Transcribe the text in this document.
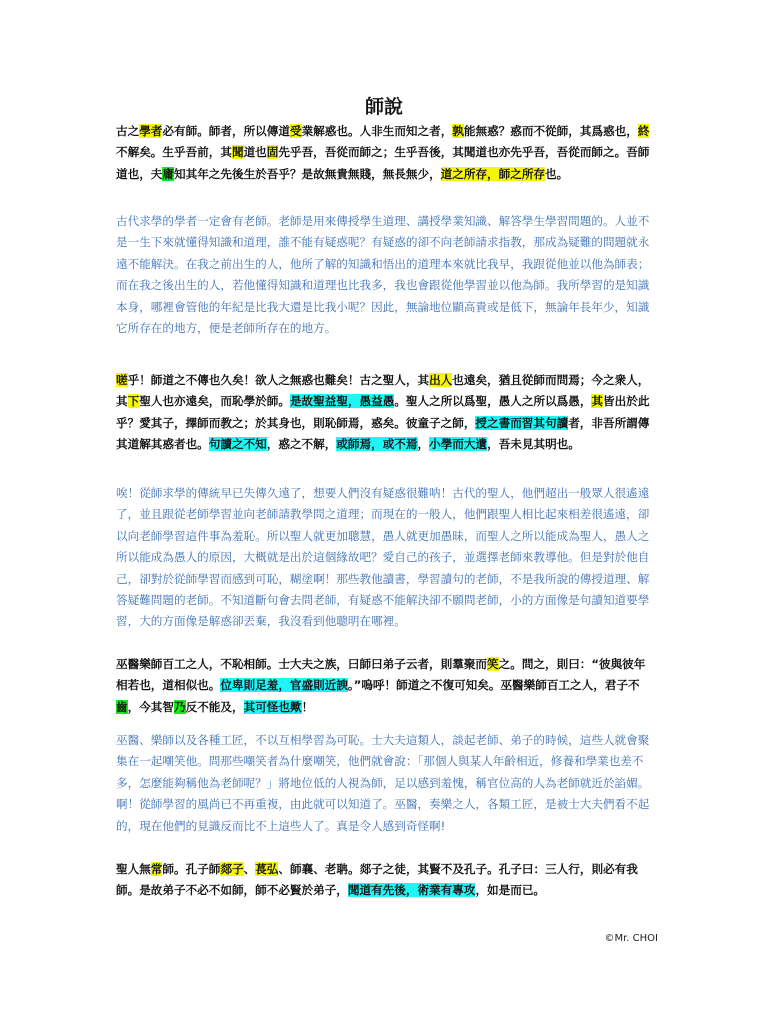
師說
古之學者必有師。師者，所以傳道受業解惑也。人非生而知之者，孰能無惑？惑而不從師，其爲惑也，終不解矣。生乎吾前，其聞道也固先乎吾，吾從而師之；生乎吾後，其聞道也亦先乎吾，吾從而師之。吾師道也，夫庸知其年之先後生於吾乎？是故無貴無賤，無長無少，道之所存，師之所存也。
古代求學的學者一定會有老師。老師是用來傳授學生道理、講授學業知識、解答學生學習問題的。人並不是一生下來就懂得知識和道理，誰不能有疑惑呢？有疑惑的卻不向老師請求指教，那成為疑難的問題就永遠不能解決。在我之前出生的人，他所了解的知識和悟出的道理本來就比我早，我跟從他並以他為師表；而在我之後出生的人，若他懂得知識和道理也比我多，我也會跟從他學習並以他為師。我所學習的是知識本身，哪裡會管他的年紀是比我大還是比我小呢？因此，無論地位顯高貴或是低下，無論年長年少，知識它所存在的地方，便是老師所存在的地方。
嗟乎！師道之不傳也久矣！欲人之無惑也難矣！古之聖人，其出人也遠矣，猶且從師而問焉；今之衆人，其下聖人也亦遠矣，而恥學於師。是故聖益聖，愚益愚。聖人之所以爲聖，愚人之所以爲愚，其皆出於此乎？愛其子，擇師而教之；於其身也，則恥師焉，惑矣。彼童子之師，授之書而習其句讀者，非吾所謂傳其道解其惑者也。句讀之不知，惑之不解，或師焉，或不焉，小學而大遺，吾未見其明也。
唉！從師求學的傳統早已失傳久遠了，想要人們沒有疑惑很難呐！古代的聖人，他們超出一般眾人很遙遠了，並且跟從老師學習並向老師請教學問之道理；而現在的一般人，他們跟聖人相比起來相差很遙遠，卻以向老師學習這件事為羞恥。所以聖人就更加聰慧，愚人就更加愚昧，而聖人之所以能成為聖人，愚人之所以能成為愚人的原因，大概就是出於這個緣故吧？愛自己的孩子，並選擇老師來教導他。但是對於他自己，卻對於從師學習而感到可恥，糊塗啊！那些教他讀書，學習讀句的老師，不是我所說的傳授道理、解答疑難問題的老師。不知道斷句會去問老師，有疑惑不能解決卻不願問老師，小的方面像是句讀知道要學習，大的方面像是解惑卻丟棄，我沒看到他聰明在哪裡。
巫醫樂師百工之人，不恥相師。士大夫之族，曰師曰弟子云者，則羣聚而笑之。問之，則曰：“彼與彼年相若也，道相似也。位卑則足羞，官盛則近諛。”嗚呼！師道之不復可知矣。巫醫樂師百工之人，君子不齒，今其智乃反不能及，其可怪也歟！
巫醫、樂師以及各種工匠，不以互相學習為可恥。士大夫這類人，談起老師、弟子的時候，這些人就會聚集在一起嘲笑他。問那些嘲笑者為什麼嘲笑，他們就會說：「那個人與某人年齡相近，修養和學業也差不多，怎麼能夠稱他為老師呢？」將地位低的人視為師，足以感到羞愧，稱官位高的人為老師就近於諂媚。啊！從師學習的風尚已不再重複，由此就可以知道了。巫醫，奏樂之人，各類工匠，是被士大夫們看不起的，現在他們的見識反而比不上這些人了。真是令人感到奇怪啊!
聖人無常師。孔子師郯子、萇弘、師襄、老聃。郯子之徒，其賢不及孔子。孔子曰：三人行，則必有我師。是故弟子不必不如師，師不必賢於弟子，聞道有先後，術業有專攻，如是而已。
©Mr. CHOI
